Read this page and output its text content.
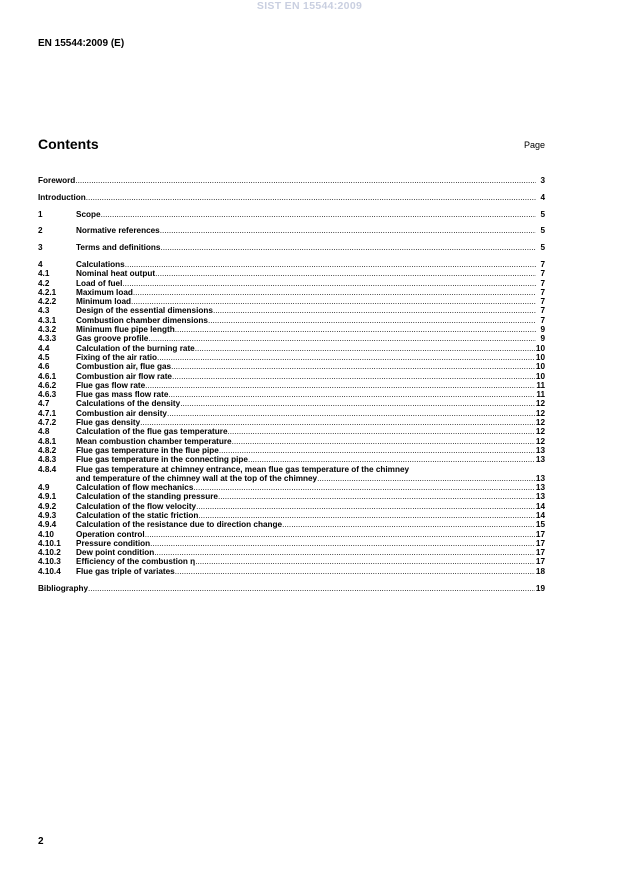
SIST EN 15544:2009
EN 15544:2009 (E)
Contents	Page
Foreword .....	3
Introduction .....	4
1	Scope .....	5
2	Normative references .....	5
3	Terms and definitions .....	5
4	Calculations .....	7
4.1	Nominal heat output .....	7
4.2	Load of fuel .....	7
4.2.1	Maximum load .....	7
4.2.2	Minimum load .....	7
4.3	Design of the essential dimensions .....	7
4.3.1	Combustion chamber dimensions .....	7
4.3.2	Minimum flue pipe length .....	9
4.3.3	Gas groove profile .....	9
4.4	Calculation of the burning rate .....	10
4.5	Fixing of the air ratio .....	10
4.6	Combustion air, flue gas .....	10
4.6.1	Combustion air flow rate .....	10
4.6.2	Flue gas flow rate .....	11
4.6.3	Flue gas mass flow rate .....	11
4.7	Calculations of the density .....	12
4.7.1	Combustion air density .....	12
4.7.2	Flue gas density .....	12
4.8	Calculation of the flue gas temperature .....	12
4.8.1	Mean combustion chamber temperature .....	12
4.8.2	Flue gas temperature in the flue pipe .....	13
4.8.3	Flue gas temperature in the connecting pipe .....	13
4.8.4	Flue gas temperature at chimney entrance, mean flue gas temperature of the chimney
and temperature of the chimney wall at the top of the chimney .....	13
4.9	Calculation of flow mechanics .....	13
4.9.1	Calculation of the standing pressure .....	13
4.9.2	Calculation of the flow velocity .....	14
4.9.3	Calculation of the static friction .....	14
4.9.4	Calculation of the resistance due to direction change .....	15
4.10	Operation control .....	17
4.10.1	Pressure condition .....	17
4.10.2	Dew point condition .....	17
4.10.3	Efficiency of the combustion η .....	17
4.10.4	Flue gas triple of variates .....	18
Bibliography .....	19
2
